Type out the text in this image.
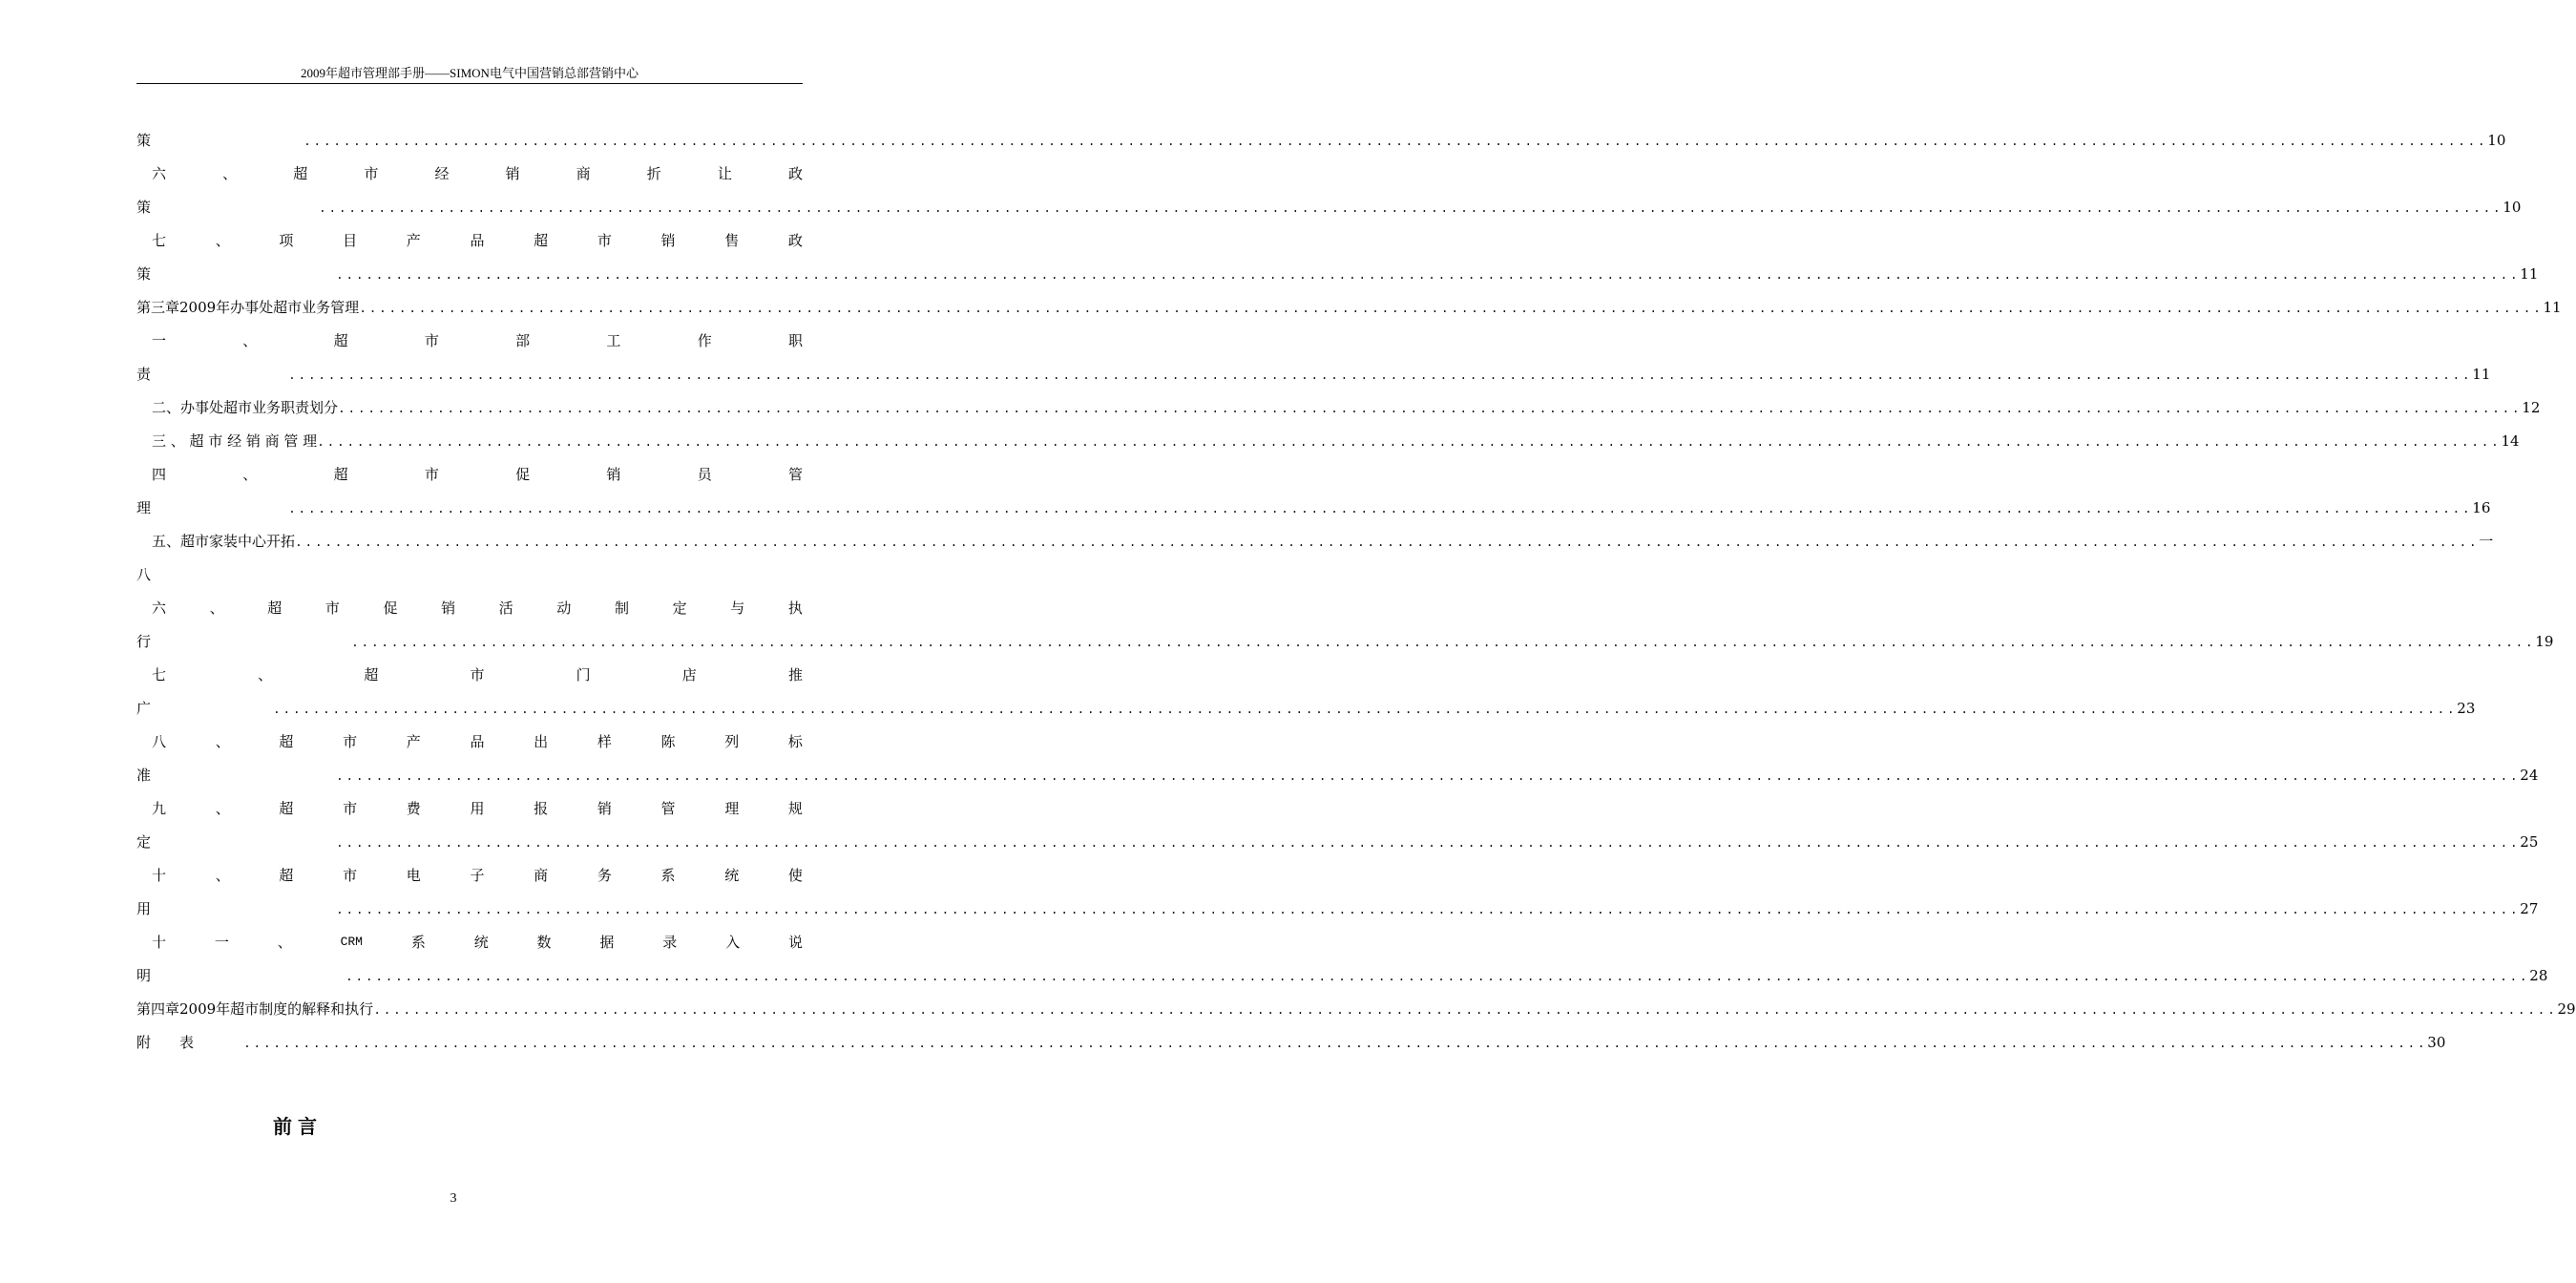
2009年超市管理部手册——SIMON电气中国营销总部营销中心
策	............................................................................................................................................................................................................................ 10
六	、	超	市	经	销	商	折	让	政
策	............................................................................................................................................................................................................................ 10
七	、	项	目	产	品	超	市	销	售	政
策	............................................................................................................................................................................................................................ 11
第三章2009年办事处超市业务管理 ............................................................................................................................................................................................................................ 11
一	、	超	市	部	工	作	职
责	............................................................................................................................................................................................................................ 11
二、办事处超市业务职责划分 ............................................................................................................................................................................................................................ 12
三 、 超 市 经 销 商 管 理 ............................................................................................................................................................................................................................ 14
四	、	超	市	促	销	员	管
理	............................................................................................................................................................................................................................ 16
五、超市家装中心开拓 ............................................................................................................................................................................................................................ 一
八
六	、	超	市	促	销	活	动	制	定	与	执
行	............................................................................................................................................................................................................................ 19
七	、	超	市	门	店	推
广	............................................................................................................................................................................................................................ 23
八	、	超	市	产	品	出	样	陈	列	标
准	............................................................................................................................................................................................................................ 24
九	、	超	市	费	用	报	销	管	理	规
定	............................................................................................................................................................................................................................ 25
十	、	超	市	电	子	商	务	系	统	使
用	............................................................................................................................................................................................................................ 27
十	一	、	CRM	系	统	数	据	录	入	说
明	............................................................................................................................................................................................................................ 28
第四章2009年超市制度的解释和执行 ............................................................................................................................................................................................................................ 29
附　　表	............................................................................................................................................................................................................................ 30
前言
3
